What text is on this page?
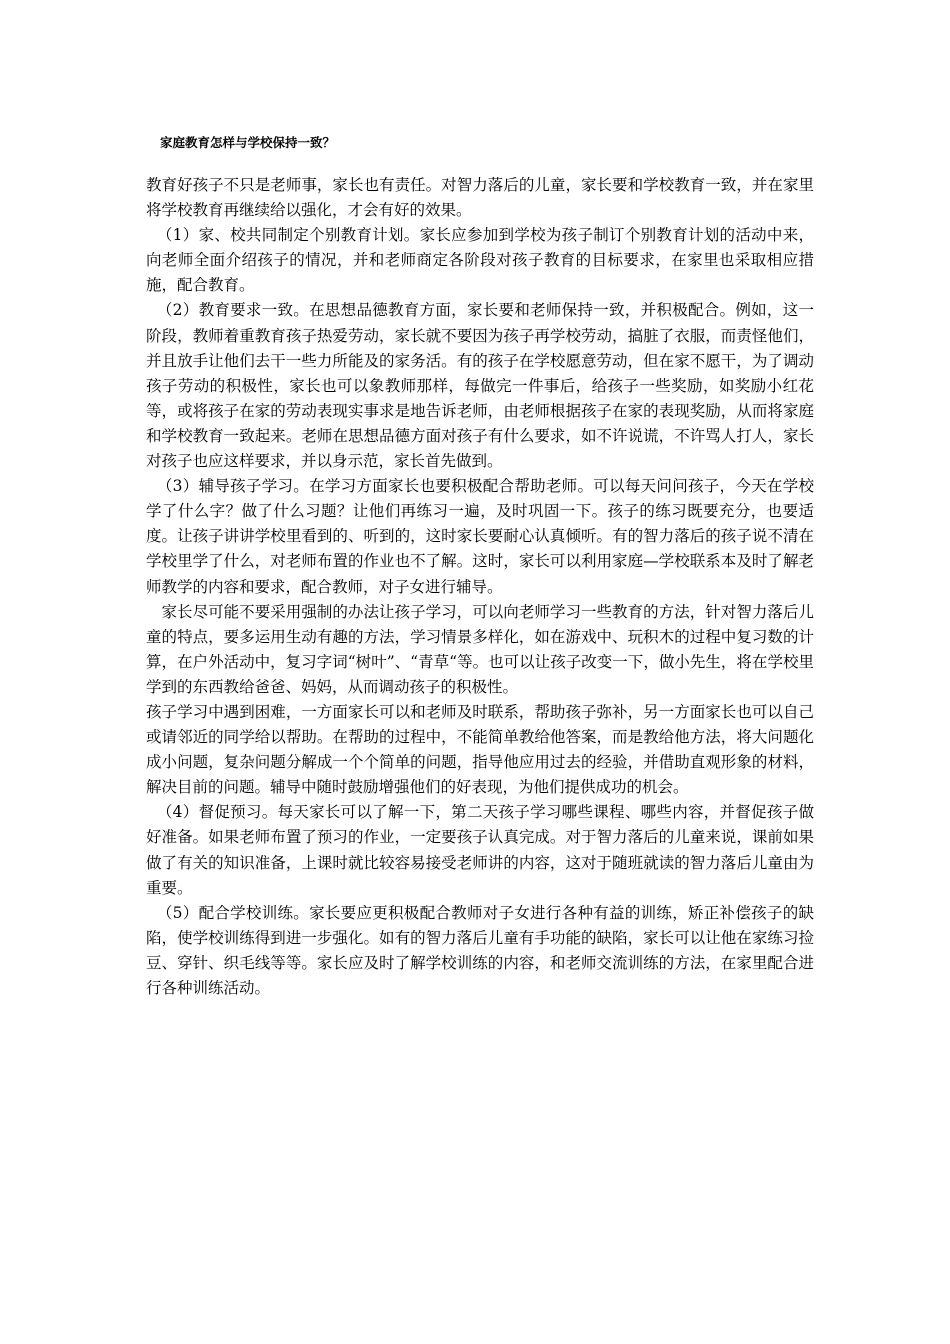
家庭教育怎样与学校保持一致？

教育好孩子不只是老师事，家长也有责任。对智力落后的儿童，家长要和学校教育一致，并在家里将学校教育再继续给以强化，才会有好的效果。

（1）家、校共同制定个别教育计划。家长应参加到学校为孩子制订个别教育计划的活动中来，向老师全面介绍孩子的情况，并和老师商定各阶段对孩子教育的目标要求，在家里也采取相应措施，配合教育。

（2）教育要求一致。在思想品德教育方面，家长要和老师保持一致，并积极配合。例如，这一阶段，教师着重教育孩子热爱劳动，家长就不要因为孩子再学校劳动，搞脏了衣服，而责怪他们，并且放手让他们去干一些力所能及的家务活。有的孩子在学校愿意劳动，但在家不愿干，为了调动孩子劳动的积极性，家长也可以象教师那样，每做完一件事后，给孩子一些奖励，如奖励小红花等，或将孩子在家的劳动表现实事求是地告诉老师，由老师根据孩子在家的表现奖励，从而将家庭和学校教育一致起来。老师在思想品德方面对孩子有什么要求，如不许说谎，不许骂人打人，家长对孩子也应这样要求，并以身示范，家长首先做到。

（3）辅导孩子学习。在学习方面家长也要积极配合帮助老师。可以每天问问孩子，今天在学校学了什么字？做了什么习题？让他们再练习一遍，及时巩固一下。孩子的练习既要充分，也要适度。让孩子讲讲学校里看到的、听到的，这时家长要耐心认真倾听。有的智力落后的孩子说不清在学校里学了什么，对老师布置的作业也不了解。这时，家长可以利用家庭—学校联系本及时了解老师教学的内容和要求，配合教师，对子女进行辅导。

家长尽可能不要采用强制的办法让孩子学习，可以向老师学习一些教育的方法，针对智力落后儿童的特点，要多运用生动有趣的方法，学习情景多样化，如在游戏中、玩积木的过程中复习数的计算，在户外活动中，复习字词“树叶”、“青草“等。也可以让孩子改变一下，做小先生，将在学校里学到的东西教给爸爸、妈妈，从而调动孩子的积极性。

孩子学习中遇到困难，一方面家长可以和老师及时联系，帮助孩子弥补，另一方面家长也可以自己或请邻近的同学给以帮助。在帮助的过程中，不能简单教给他答案，而是教给他方法，将大问题化成小问题，复杂问题分解成一个个简单的问题，指导他应用过去的经验，并借助直观形象的材料，解决目前的问题。辅导中随时鼓励增强他们的好表现，为他们提供成功的机会。

（4）督促预习。每天家长可以了解一下，第二天孩子学习哪些课程、哪些内容，并督促孩子做好准备。如果老师布置了预习的作业，一定要孩子认真完成。对于智力落后的儿童来说，课前如果做了有关的知识准备，上课时就比较容易接受老师讲的内容，这对于随班就读的智力落后儿童由为重要。

（5）配合学校训练。家长要应更积极配合教师对子女进行各种有益的训练，矫正补偿孩子的缺陷，使学校训练得到进一步强化。如有的智力落后儿童有手功能的缺陷，家长可以让他在家练习捡豆、穿针、织毛线等等。家长应及时了解学校训练的内容，和老师交流训练的方法，在家里配合进行各种训练活动。
